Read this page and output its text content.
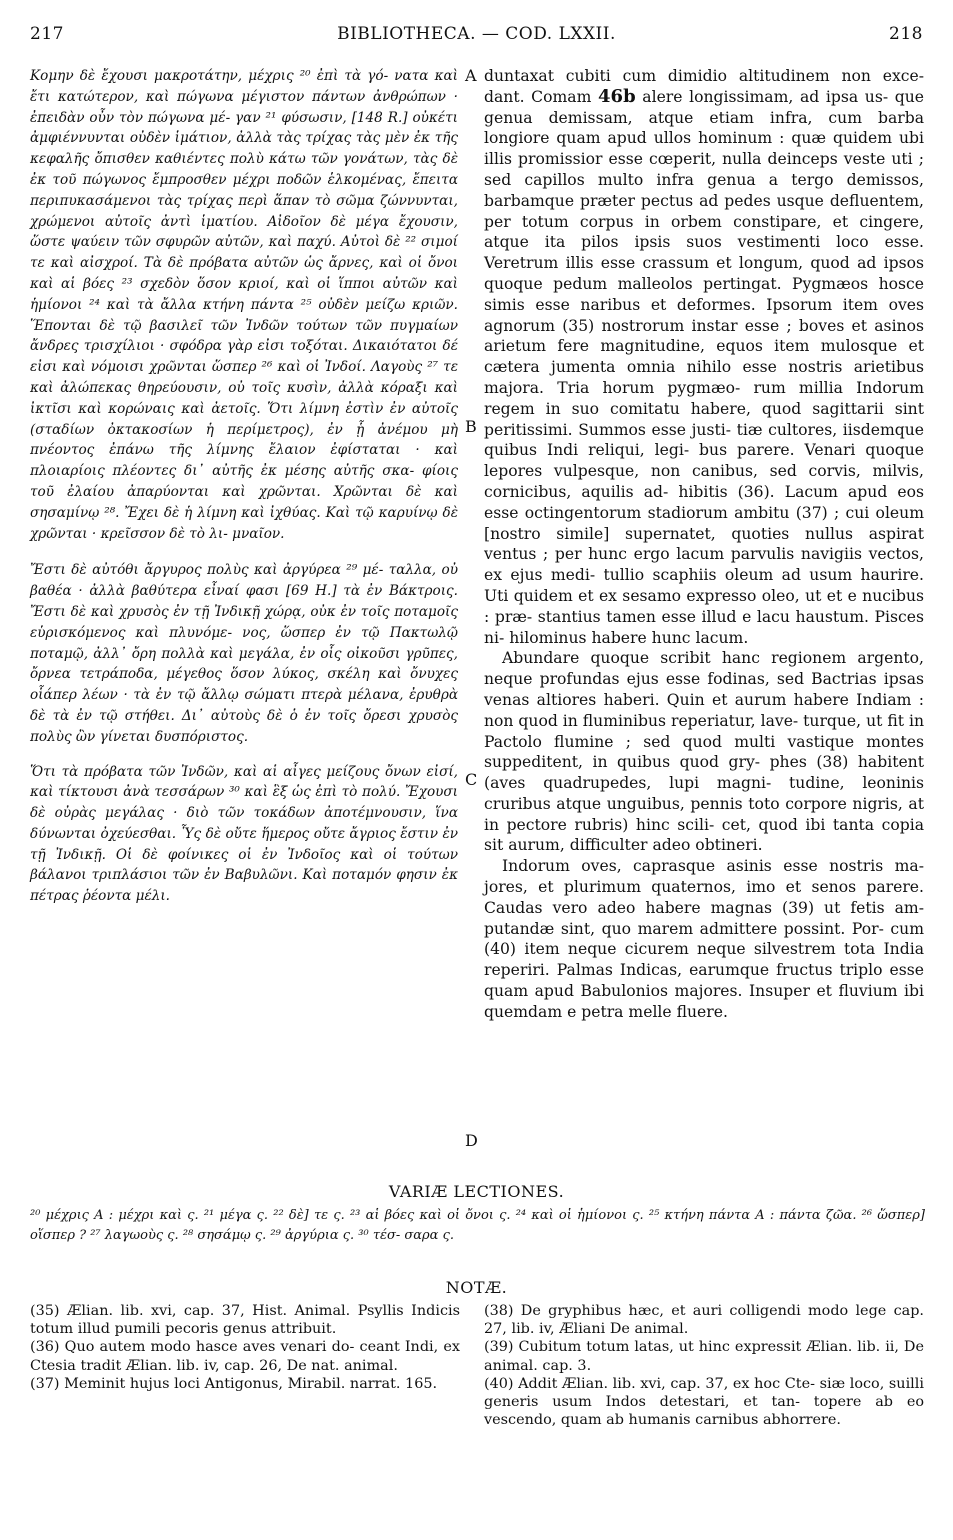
217	BIBLIOTHECA. — COD. LXXII.	218

Κομην δὲ ἔχουσι μακροτάτην, μέχρις ²⁰ ἐπὶ τὰ γό- νατα καὶ ἔτι κατώτερον, καὶ πώγωνα μέγιστον πάντων ἀνθρώπων · ἐπειδὰν οὖν τὸν πώγωνα μέ- γαν ²¹ φύσωσιν, [148 R.] οὐκέτι ἀμφιέννυνται οὐδὲν ἱμάτιον, ἀλλὰ τὰς τρίχας τὰς μὲν ἐκ τῆς κεφαλῆς ὄπισθεν καθιέντες πολὺ κάτω τῶν γονάτων, τὰς δὲ ἐκ τοῦ πώγωνος ἔμπροσθεν μέχρι ποδῶν ἑλκομένας, ἔπειτα περιπυκασάμενοι τὰς τρίχας περὶ ἅπαν τὸ σῶμα ζώννυνται, χρώμενοι αὐτοῖς ἀντὶ ἱματίου. Αἰδοῖον δὲ μέγα ἔχουσιν, ὥστε ψαύειν τῶν σφυρῶν αὐτῶν, καὶ παχύ. Αὐτοὶ δὲ ²² σιμοί τε καὶ αἰσχροί. Τὰ δὲ πρόβατα αὐτῶν ὡς ἄρνες, καὶ οἱ ὄνοι καὶ αἱ βόες ²³ σχεδὸν ὅσον κριοί, καὶ οἱ ἵπποι αὐτῶν καὶ ἡμίονοι ²⁴ καὶ τὰ ἄλλα κτήνη πάντα ²⁵ οὐδὲν μείζω κριῶν. Ἕπονται δὲ τῷ βασιλεῖ τῶν Ἰνδῶν τούτων τῶν πυγμαίων ἄνδρες τρισχίλιοι · σφόδρα γὰρ εἰσι τοξόται. Δικαιότατοι δέ εἰσι καὶ νόμοισι χρῶνται ὥσπερ ²⁶ καὶ οἱ Ἰνδοί. Λαγοὺς ²⁷ τε καὶ ἀλώπεκας θηρεύουσιν, οὐ τοῖς κυσὶν, ἀλλὰ κόραξι καὶ ἰκτῖσι καὶ κορώναις καὶ ἀετοῖς. Ὅτι λίμνη ἐστὶν ἐν αὐτοῖς (σταδίων ὀκτακοσίων ἡ περίμετρος), ἐν ᾗ ἀνέμου μὴ πνέοντος ἐπάνω τῆς λίμνης ἔλαιον ἐφίσταται · καὶ πλοιαρίοις πλέοντες δι᾽ αὐτῆς ἐκ μέσης αὐτῆς σκα- φίοις τοῦ ἐλαίου ἀπαρύονται καὶ χρῶνται. Χρῶνται δὲ καὶ σησαμίνῳ ²⁸. Ἔχει δὲ ἡ λίμνη καὶ ἰχθύας. Καὶ τῷ καρυίνῳ δὲ χρῶνται · κρεῖσσον δὲ τὸ λι- μναῖον.

Ἔστι δὲ αὐτόθι ἄργυρος πολὺς καὶ ἀργύρεα ²⁹ μέ- ταλλα, οὐ βαθέα · ἀλλὰ βαθύτερα εἶναί φασι [69 H.] τὰ ἐν Βάκτροις. Ἔστι δὲ καὶ χρυσὸς ἐν τῇ Ἰνδικῇ χώρᾳ, οὐκ ἐν τοῖς ποταμοῖς εὑρισκόμενος καὶ πλυνόμε- νος, ὥσπερ ἐν τῷ Πακτωλῷ ποταμῷ, ἀλλ᾽ ὄρη πολλὰ καὶ μεγάλα, ἐν οἷς οἰκοῦσι γρῦπες, ὄρνεα τετράποδα, μέγεθος ὅσον λύκος, σκέλη καὶ ὄνυχες οἷάπερ λέων · τὰ ἐν τῷ ἄλλῳ σώματι πτερὰ μέλανα, ἐρυθρὰ δὲ τὰ ἐν τῷ στήθει. Δι᾽ αὐτοὺς δὲ ὁ ἐν τοῖς ὄρεσι χρυσὸς πολὺς ὢν γίνεται δυσπόριστος.

Ὅτι τὰ πρόβατα τῶν Ἰνδῶν, καὶ αἱ αἶγες μείζους ὄνων εἰσί, καὶ τίκτουσι ἀνὰ τεσσάρων ³⁰ καὶ ἓξ ὡς ἐπὶ τὸ πολύ. Ἔχουσι δὲ οὐρὰς μεγάλας · διὸ τῶν τοκάδων ἀποτέμνουσιν, ἵνα δύνωνται ὀχεύεσθαι. Ὗς δὲ οὔτε ἥμερος οὔτε ἄγριος ἔστιν ἐν τῇ Ἰνδικῇ. Οἱ δὲ φοίνικες οἱ ἐν Ἰνδοῖος καὶ οἱ τούτων βάλανοι τριπλάσιοι τῶν ἐν Βαβυλῶνι. Καὶ ποταμόν φησιν ἐκ πέτρας ῥέοντα μέλι.

A
B
C
D

duntaxat cubiti cum dimidio altitudinem non exce- dant. Comam 46b alere longissimam, ad ipsa us- que genua demissam, atque etiam infra, cum barba longiore quam apud ullos hominum : quæ quidem ubi illis promissior esse cœperit, nulla deinceps veste uti ; sed capillos multo infra genua a tergo demissos, barbamque præter pectus ad pedes usque defluentem, per totum corpus in orbem constipare, et cingere, atque ita pilos ipsis suos vestimenti loco esse. Veretrum illis esse crassum et longum, quod ad ipsos quoque pedum malleolos pertingat. Pygmæos hosce simis esse naribus et deformes. Ipsorum item oves agnorum (35) nostrorum instar esse ; boves et asinos arietum fere magnitudine, equos item mulosque et cætera jumenta omnia nihilo esse nostris arietibus majora. Tria horum pygmæo- rum millia Indorum regem in suo comitatu habere, quod sagittarii sint peritissimi. Summos esse justi- tiæ cultores, iisdemque quibus Indi reliqui, legi- bus parere. Venari quoque lepores vulpesque, non canibus, sed corvis, milvis, cornicibus, aquilis ad- hibitis (36). Lacum apud eos esse octingentorum stadiorum ambitu (37) ; cui oleum [nostro simile] supernatet, quoties nullus aspirat ventus ; per hunc ergo lacum parvulis navigiis vectos, ex ejus medi- tullio scaphiis oleum ad usum haurire. Uti quidem et ex sesamo expresso oleo, ut et e nucibus : præ- stantius tamen esse illud e lacu haustum. Pisces ni- hilominus habere hunc lacum.

Abundare quoque scribit hanc regionem argento, neque profundas ejus esse fodinas, sed Bactrias ipsas venas altiores haberi. Quin et aurum habere Indiam : non quod in fluminibus reperiatur, lave- turque, ut fit in Pactolo flumine ; sed quod multi vastique montes suppeditent, in quibus quod gry- phes (38) habitent (aves quadrupedes, lupi magni- tudine, leoninis cruribus atque unguibus, pennis toto corpore nigris, at in pectore rubris) hinc scili- cet, quod ibi tanta copia sit aurum, difficulter adeo obtineri.

Indorum oves, caprasque asinis esse nostris ma- jores, et plurimum quaternos, imo et senos parere. Caudas vero adeo habere magnas (39) ut fetis am- putandæ sint, quo marem admittere possint. Por- cum (40) item neque cicurem neque silvestrem tota India reperiri. Palmas Indicas, earumque fructus triplo esse quam apud Babulonios majores. Insuper et fluvium ibi quemdam e petra melle fluere.

VARIÆ LECTIONES.
²⁰ μέχρις A : μέχρι καὶ ς. ²¹ μέγα ς. ²² δὲ] τε ς. ²³ αἱ βόες καὶ οἱ ὄνοι ς. ²⁴ καὶ οἱ ἡμίονοι ς. ²⁵ κτήνη πάντα A : πάντα ζῶα. ²⁶ ὥσπερ] οἵσπερ ? ²⁷ λαγωοὺς ς. ²⁸ σησάμῳ ς. ²⁹ ἀργύρια ς. ³⁰ τέσ- σαρα ς.
NOTÆ.

(35) Ælian. lib. xvi, cap. 37, Hist. Animal. Psyllis Indicis totum illud pumili pecoris genus attribuit.

(36) Quo autem modo hasce aves venari do- ceant Indi, ex Ctesia tradit Ælian. lib. iv, cap. 26, De nat. animal.

(37) Meminit hujus loci Antigonus, Mirabil. narrat. 165.

(38) De gryphibus hæc, et auri colligendi modo lege cap. 27, lib. iv, Æliani De animal.

(39) Cubitum totum latas, ut hinc expressit Ælian. lib. ii, De animal. cap. 3.

(40) Addit Ælian. lib. xvi, cap. 37, ex hoc Cte- siæ loco, suilli generis usum Indos detestari, et tan- topere ab eo vescendo, quam ab humanis carnibus abhorrere.
